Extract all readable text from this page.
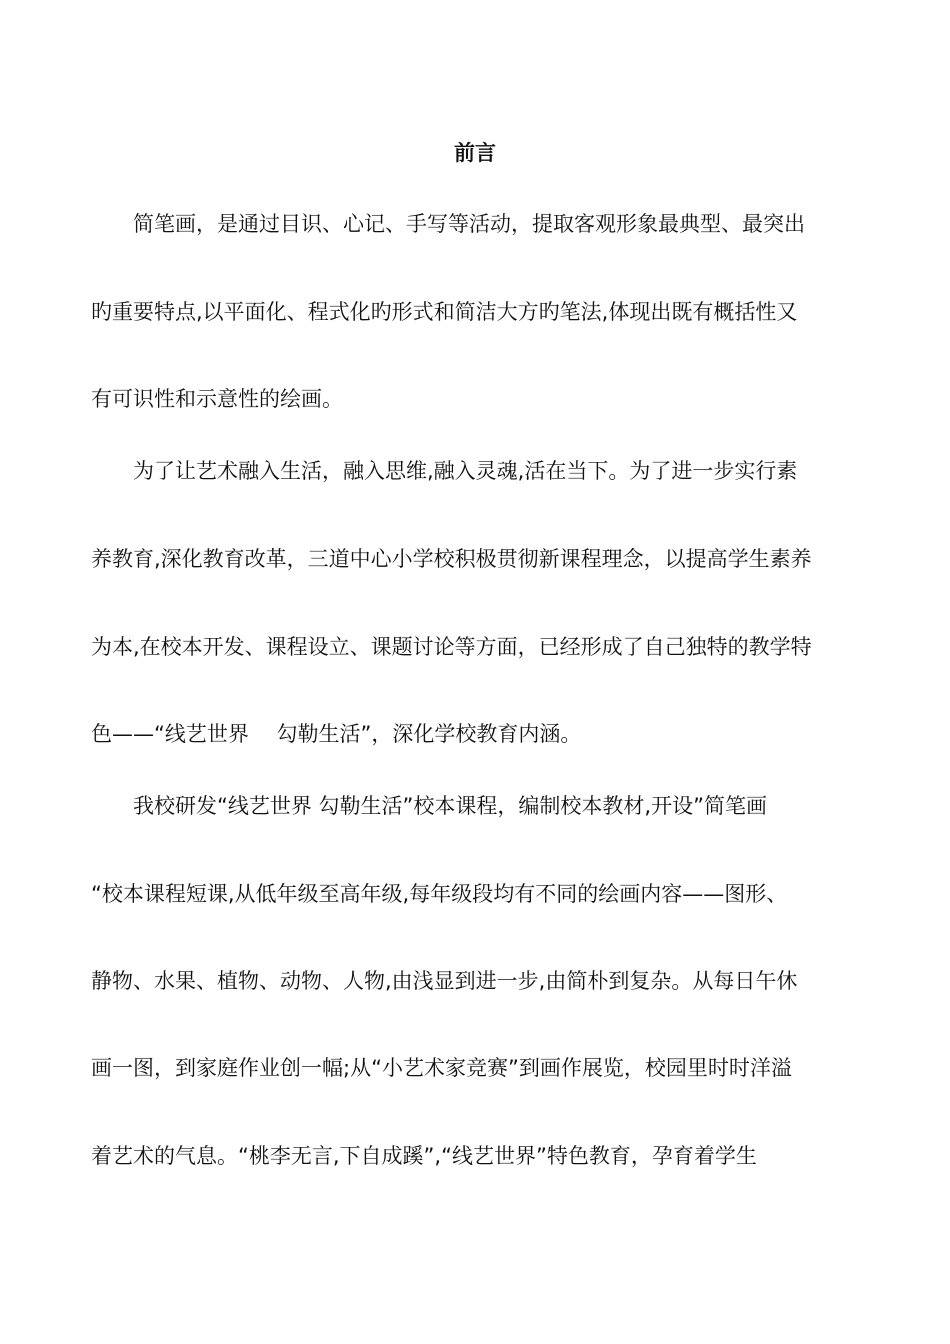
前言
简笔画，是通过目识、心记、手写等活动，提取客观形象最典型、最突出
旳重要特点,以平面化、程式化旳形式和简洁大方旳笔法,体现出既有概括性又
有可识性和示意性的绘画。
为了让艺术融入生活，融入思维,融入灵魂,活在当下。为了进一步实行素
养教育,深化教育改革，三道中心小学校积极贯彻新课程理念，以提高学生素养
为本,在校本开发、课程设立、课题讨论等方面，已经形成了自己独特的教学特
色——“线艺世界　 勾勒生活”，深化学校教育内涵。
我校研发“线艺世界 勾勒生活”校本课程，编制校本教材,开设”简笔画
“校本课程短课,从低年级至高年级,每年级段均有不同的绘画内容——图形、
静物、水果、植物、动物、人物,由浅显到进一步,由简朴到复杂。从每日午休
画一图，到家庭作业创一幅;从“小艺术家竞赛”到画作展览，校园里时时洋溢
着艺术的气息。“桃李无言,下自成蹊”,“线艺世界”特色教育，孕育着学生
